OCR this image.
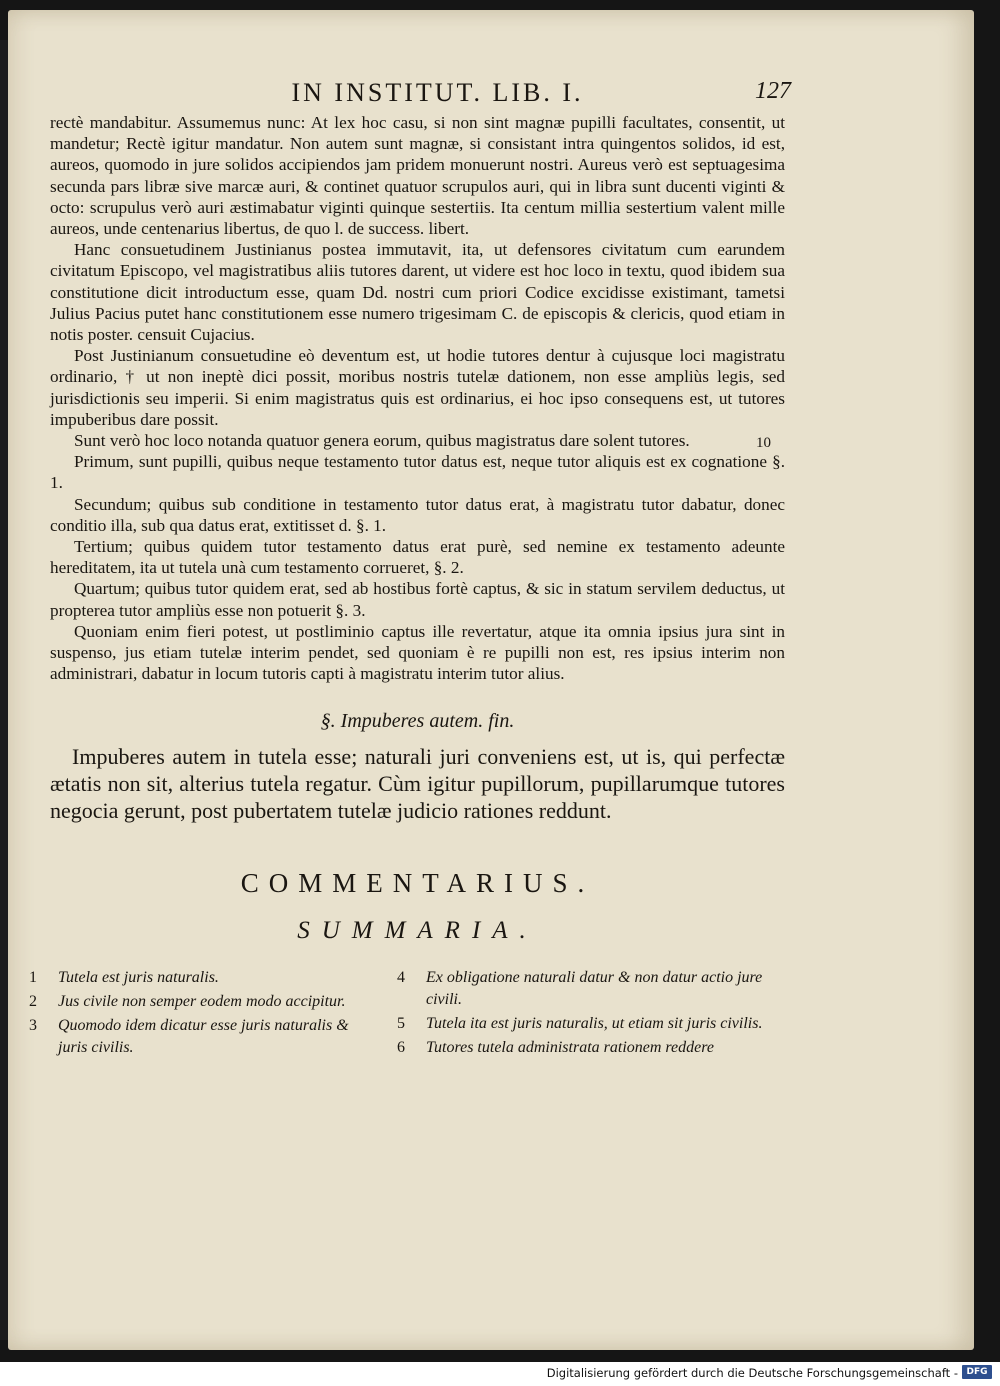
10
IN INSTITUT. LIB. I.	127

rectè mandabitur. Assumemus nunc: At lex hoc casu, si non sint magnæ pupilli facultates, consentit, ut mandetur; Rectè igitur mandatur. Non autem sunt magnæ, si consistant intra quingentos solidos, id est, aureos, quomodo in jure solidos accipiendos jam pridem monuerunt nostri. Aureus verò est septuagesima secunda pars libræ sive marcæ auri, & continet quatuor scrupulos auri, qui in libra sunt ducenti viginti & octo: scrupulus verò auri æstimabatur viginti quinque sestertiis. Ita centum millia sestertium valent mille aureos, unde centenarius libertus, de quo l. de success. libert.

Hanc consuetudinem Justinianus postea immutavit, ita, ut defensores civitatum cum earundem civitatum Episcopo, vel magistratibus aliis tutores darent, ut videre est hoc loco in textu, quod ibidem sua constitutione dicit introductum esse, quam Dd. nostri cum priori Codice excidisse existimant, tametsi Julius Pacius putet hanc constitutionem esse numero trigesimam C. de episcopis & clericis, quod etiam in notis poster. censuit Cujacius.

Post Justinianum consuetudine eò deventum est, ut hodie tutores dentur à cujusque loci magistratu ordinario, † ut non ineptè dici possit, moribus nostris tutelæ dationem, non esse ampliùs legis, sed jurisdictionis seu imperii. Si enim magistratus quis est ordinarius, ei hoc ipso consequens est, ut tutores impuberibus dare possit.

Sunt verò hoc loco notanda quatuor genera eorum, quibus magistratus dare solent tutores.

Primum, sunt pupilli, quibus neque testamento tutor datus est, neque tutor aliquis est ex cognatione §. 1.

Secundum; quibus sub conditione in testamento tutor datus erat, à magistratu tutor dabatur, donec conditio illa, sub qua datus erat, extitisset d. §. 1.

Tertium; quibus quidem tutor testamento datus erat purè, sed nemine ex testamento adeunte hereditatem, ita ut tutela unà cum testamento corrueret, §. 2.

Quartum; quibus tutor quidem erat, sed ab hostibus fortè captus, & sic in statum servilem deductus, ut propterea tutor ampliùs esse non potuerit §. 3.

Quoniam enim fieri potest, ut postliminio captus ille revertatur, atque ita omnia ipsius jura sint in suspenso, jus etiam tutelæ interim pendet, sed quoniam è re pupilli non est, res ipsius interim non administrari, dabatur in locum tutoris capti à magistratu interim tutor alius.

§. Impuberes autem. fin.

Impuberes autem in tutela esse; naturali juri conveniens est, ut is, qui perfectæ ætatis non sit, alterius tutela regatur. Cùm igitur pupillorum, pupillarumque tutores negocia gerunt, post pubertatem tutelæ judicio rationes reddunt.

COMMENTARIUS.
SUMMARIA.
1	Tutela est juris naturalis.
2	Jus civile non semper eodem modo accipitur.
3	Quomodo idem dicatur esse juris naturalis & juris civilis.
4	Ex obligatione naturali datur & non datur actio jure civili.
5	Tutela ita est juris naturalis, ut etiam sit juris civilis.
6	Tutores tutela administrata rationem reddere
Digitalisierung gefördert durch die Deutsche Forschungsgemeinschaft - DFG
